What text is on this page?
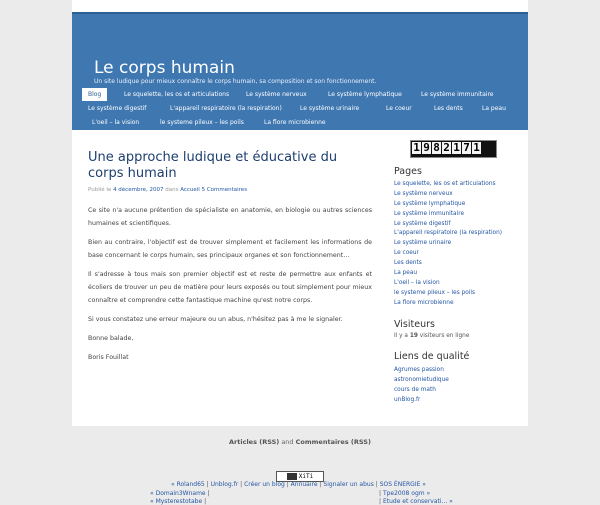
Le corps humain
Un site ludique pour mieux connaître le corps humain, sa composition et son fonctionnement.
Blog	Le squelette, les os et articulations	Le système nerveux	Le système lymphatique	Le système immunitaire
Le système digestif	L'appareil respiratoire (la respiration)	Le système urinaire	Le coeur	Les dents	La peau
L'oeil – la vision	le systeme pileux – les poils	La flore microbienne
Une approche ludique et éducative du corps humain
Publié le 4 décembre, 2007 dans Accueil 5 Commentaires

Ce site n'a aucune prétention de spécialiste en anatomie, en biologie ou autres sciences humaines et scientifiques.

Bien au contraire, l'objectif est de trouver simplement et facilement les informations de base concernant le corps humain, ses principaux organes et son fonctionnement…

Il s'adresse à tous mais son premier objectif est et reste de permettre aux enfants et écoliers de trouver un peu de matière pour leurs exposés ou tout simplement pour mieux connaître et comprendre cette fantastique machine qu'est notre corps.

Si vous constatez une erreur majeure ou un abus, n'hésitez pas à me le signaler.

Bonne balade,

Boris Fouillat

1 9 8 2 1 7 1
Pages
Le squelette, les os et articulations
Le système nerveux
Le système lymphatique
Le système immunitaire
Le système digestif
L'appareil respiratoire (la respiration)
Le système urinaire
Le coeur
Les dents
La peau
L'oeil – la vision
le systeme pileux – les poils
La flore microbienne
Visiteurs
Il y a 19 visiteurs en ligne
Liens de qualité
Agrumes passion
astronomietudique
cours de math
unBlog.fr
Articles (RSS) and Commentaires (RSS)
XiTi
« Roland65 | Unblog.fr | Créer un blog | Annuaire | Signaler un abus | SOS ÉNERGIE »
« Domain3Wname |	| Tpe2008 ogm »
« Mysterestotabe |	| Etude et conservati... »
